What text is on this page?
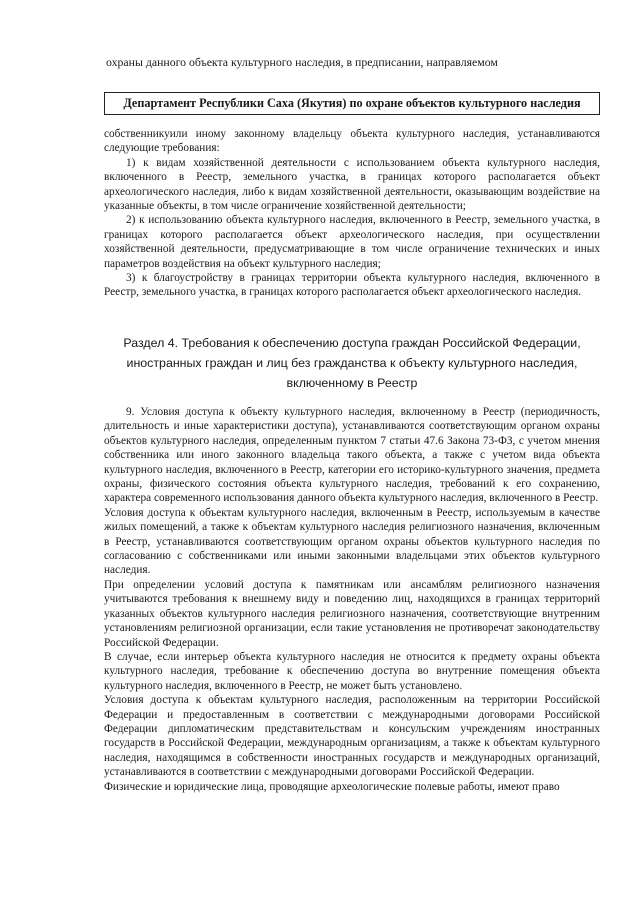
охраны данного объекта культурного наследия, в предписании, направляемом
Департамент Республики Саха (Якутия) по охране объектов культурного наследия

собственникуили иному законному владельцу объекта культурного наследия, устанавливаются следующие требования:

1) к видам хозяйственной деятельности с использованием объекта культурного наследия, включенного в Реестр, земельного участка, в границах которого располагается объект археологического наследия, либо к видам хозяйственной деятельности, оказывающим воздействие на указанные объекты, в том числе ограничение хозяйственной деятельности;

2) к использованию объекта культурного наследия, включенного в Реестр, земельного участка, в границах которого располагается объект археологического наследия, при осуществлении хозяйственной деятельности, предусматривающие в том числе ограничение технических и иных параметров воздействия на объект культурного наследия;

3) к благоустройству в границах территории объекта культурного наследия, включенного в Реестр, земельного участка, в границах которого располагается объект археологического наследия.

Раздел 4. Требования к обеспечению доступа граждан Российской Федерации,

иностранных граждан и лиц без гражданства к объекту культурного наследия,

включенному в Реестр

9. Условия доступа к объекту культурного наследия, включенному в Реестр (периодичность, длительность и иные характеристики доступа), устанавливаются соответствующим органом охраны объектов культурного наследия, определенным пунктом 7 статьи 47.6 Закона 73-ФЗ, с учетом мнения собственника или иного законного владельца такого объекта, а также с учетом вида объекта культурного наследия, включенного в Реестр, категории его историко-культурного значения, предмета охраны, физического состояния объекта культурного наследия, требований к его сохранению, характера современного использования данного объекта культурного наследия, включенного в Реестр.

Условия доступа к объектам культурного наследия, включенным в Реестр, используемым в качестве жилых помещений, а также к объектам культурного наследия религиозного назначения, включенным в Реестр, устанавливаются соответствующим органом охраны объектов культурного наследия по согласованию с собственниками или иными законными владельцами этих объектов культурного наследия.

При определении условий доступа к памятникам или ансамблям религиозного назначения учитываются требования к внешнему виду и поведению лиц, находящихся в границах территорий указанных объектов культурного наследия религиозного назначения, соответствующие внутренним установлениям религиозной организации, если такие установления не противоречат законодательству Российской Федерации.

В случае, если интерьер объекта культурного наследия не относится к предмету охраны объекта культурного наследия, требование к обеспечению доступа во внутренние помещения объекта культурного наследия, включенного в Реестр, не может быть установлено.

Условия доступа к объектам культурного наследия, расположенным на территории Российской Федерации и предоставленным в соответствии с международными договорами Российской Федерации дипломатическим представительствам и консульским учреждениям иностранных государств в Российской Федерации, международным организациям, а также к объектам культурного наследия, находящимся в собственности иностранных государств и международных организаций, устанавливаются в соответствии с международными договорами Российской Федерации.

Физические и юридические лица, проводящие археологические полевые работы, имеют право
